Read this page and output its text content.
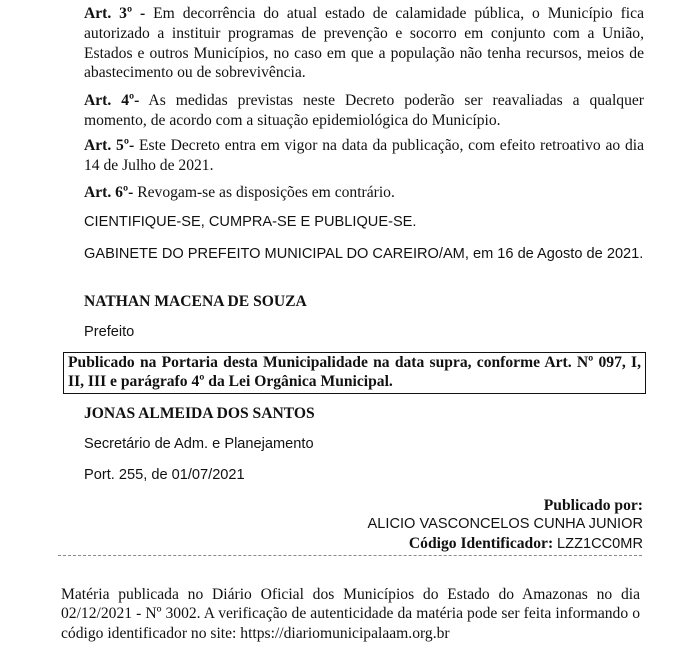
Art. 3º - Em decorrência do atual estado de calamidade pública, o Município fica autorizado a instituir programas de prevenção e socorro em conjunto com a União, Estados e outros Municípios, no caso em que a população não tenha recursos, meios de abastecimento ou de sobrevivência.

Art. 4º- As medidas previstas neste Decreto poderão ser reavaliadas a qualquer momento, de acordo com a situação epidemiológica do Município.

Art. 5º- Este Decreto entra em vigor na data da publicação, com efeito retroativo ao dia 14 de Julho de 2021.

Art. 6º- Revogam-se as disposições em contrário.

CIENTIFIQUE-SE, CUMPRA-SE E PUBLIQUE-SE.

GABINETE DO PREFEITO MUNICIPAL DO CAREIRO/AM, em 16 de Agosto de 2021.

NATHAN MACENA DE SOUZA

Prefeito

Publicado na Portaria desta Municipalidade na data supra, conforme Art. Nº 097, I, II, III e parágrafo 4º da Lei Orgânica Municipal.

JONAS ALMEIDA DOS SANTOS

Secretário de Adm. e Planejamento

Port. 255, de 01/07/2021

Publicado por:
ALICIO VASCONCELOS CUNHA JUNIOR
Código Identificador: LZZ1CC0MR

Matéria publicada no Diário Oficial dos Municípios do Estado do Amazonas no dia 02/12/2021 - Nº 3002. A verificação de autenticidade da matéria pode ser feita informando o código identificador no site: https://diariomunicipalaam.org.br
